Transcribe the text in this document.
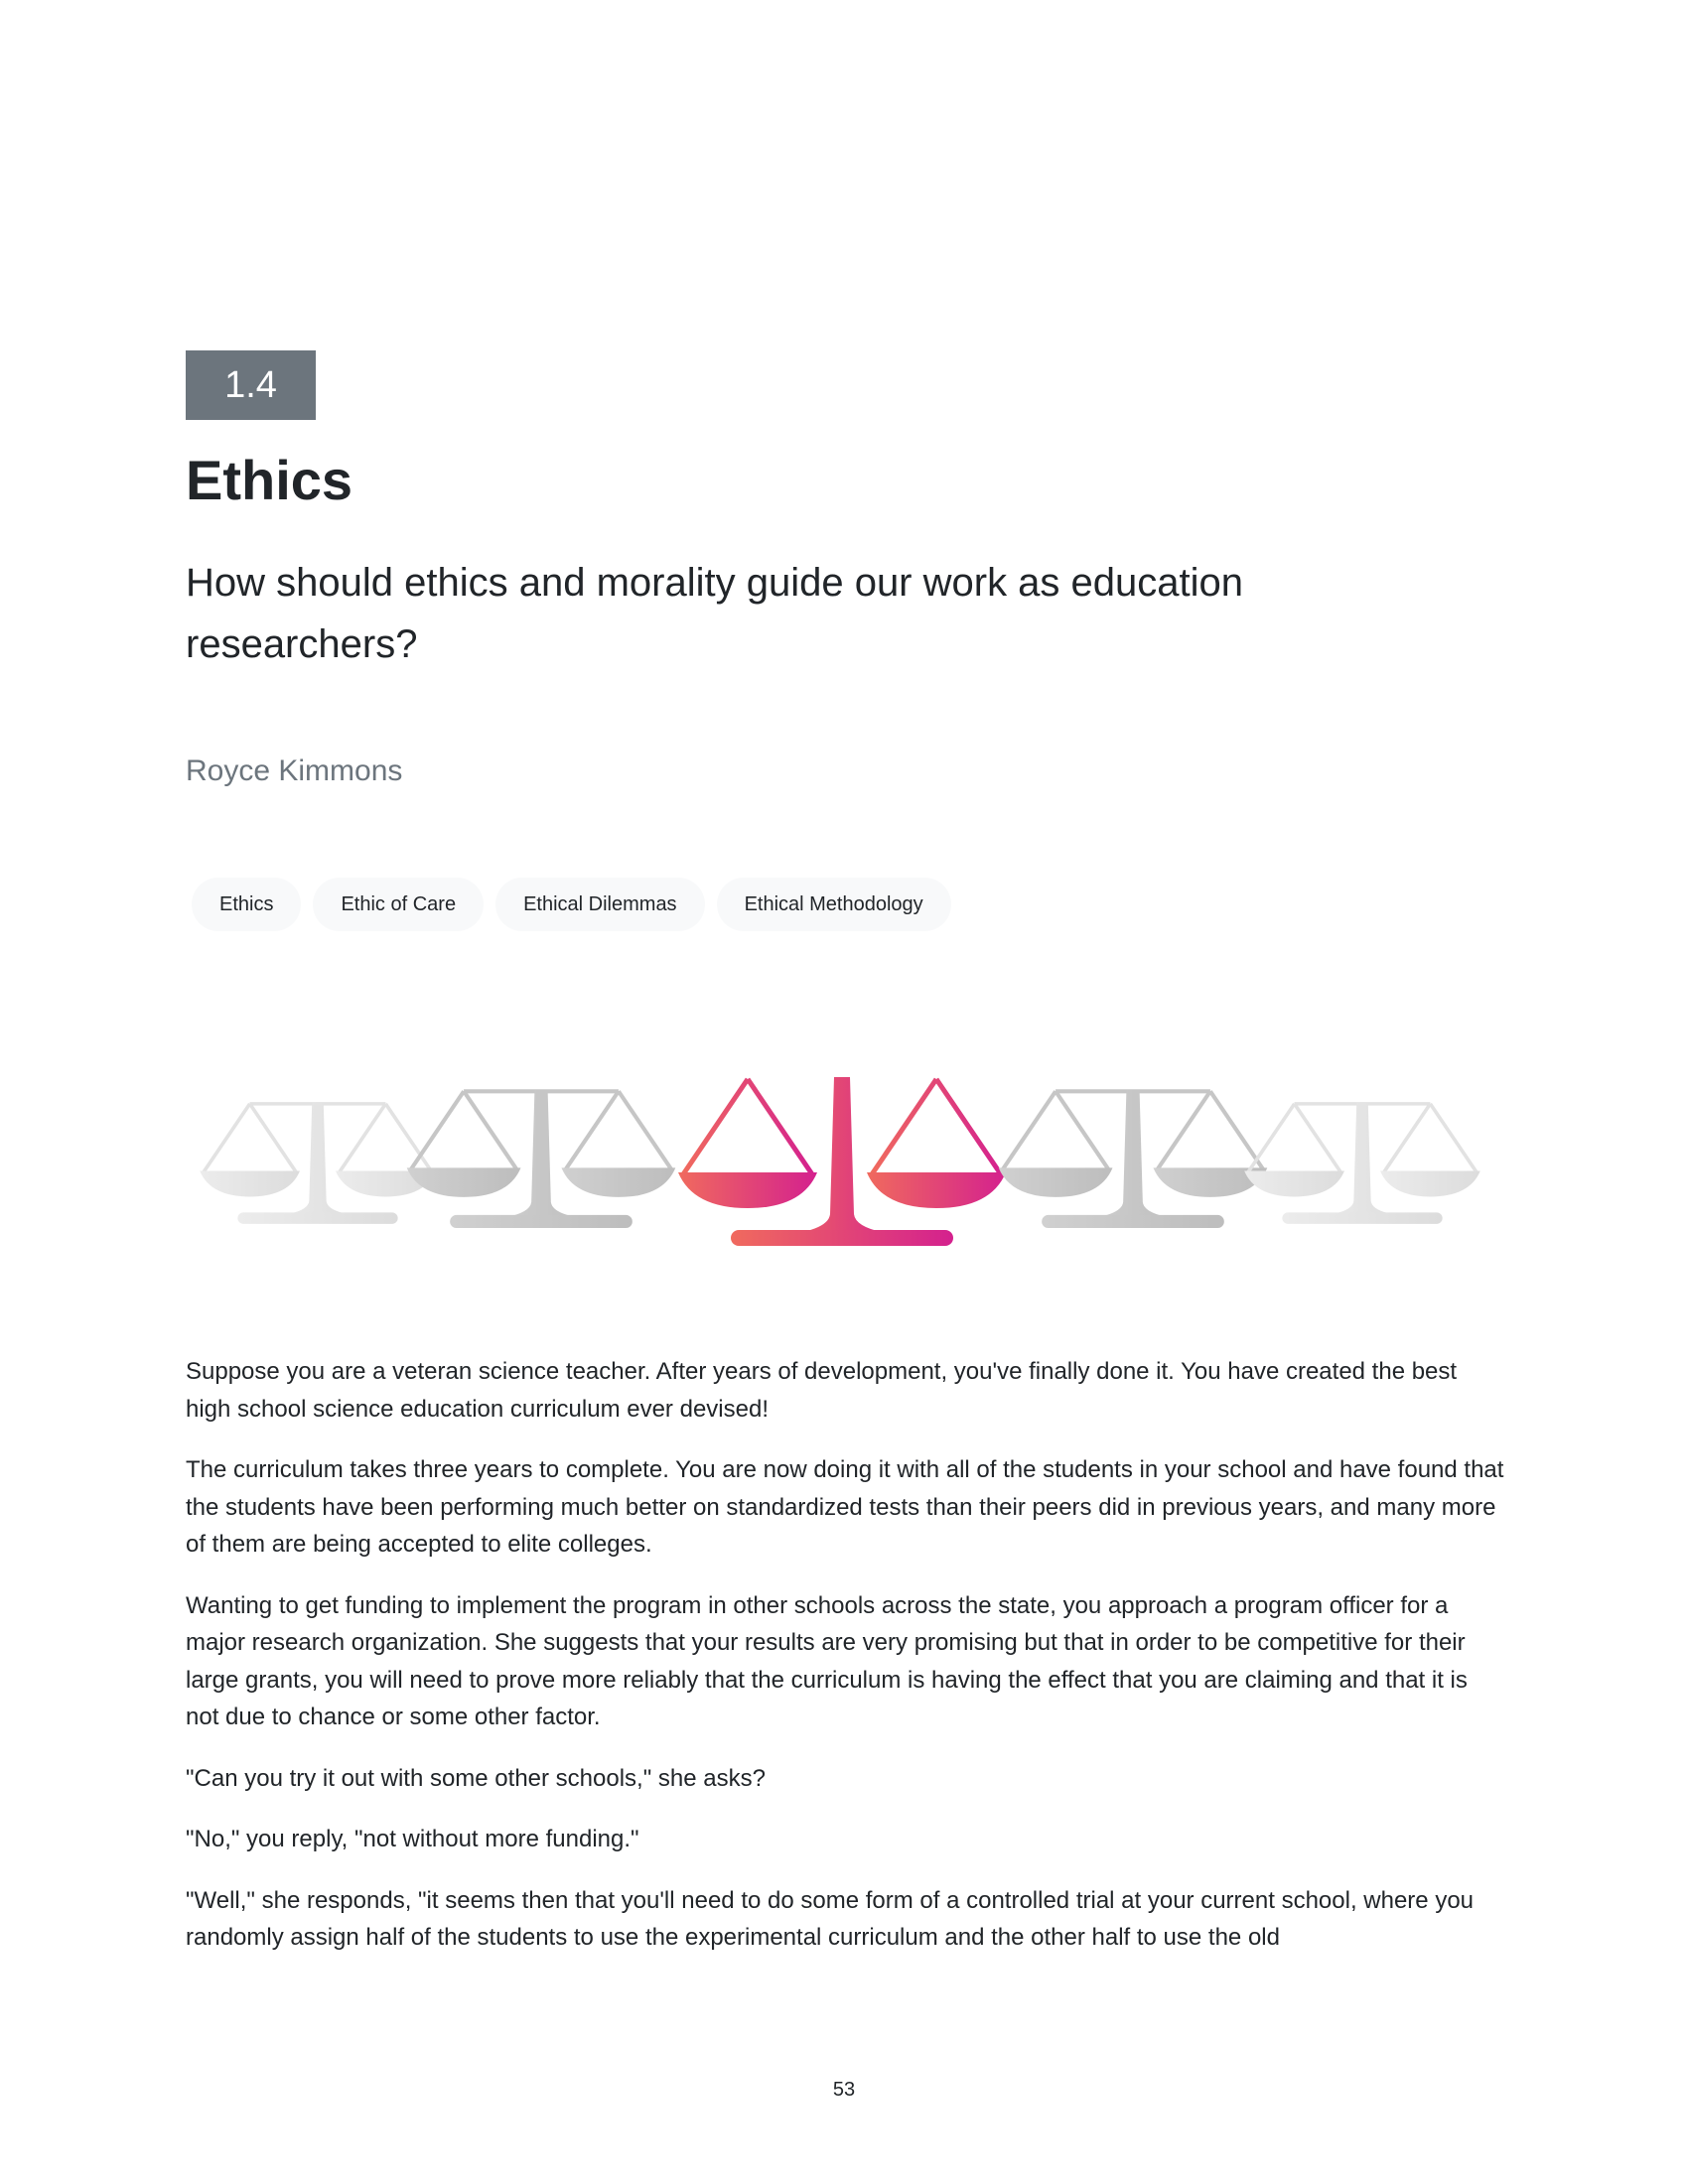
1.4
Ethics
How should ethics and morality guide our work as education researchers?
Royce Kimmons
Ethics	Ethic of Care	Ethical Dilemmas	Ethical Methodology

Suppose you are a veteran science teacher. After years of development, you've finally done it. You have created the best high school science education curriculum ever devised!

The curriculum takes three years to complete. You are now doing it with all of the students in your school and have found that the students have been performing much better on standardized tests than their peers did in previous years, and many more of them are being accepted to elite colleges.

Wanting to get funding to implement the program in other schools across the state, you approach a program officer for a major research organization. She suggests that your results are very promising but that in order to be competitive for their large grants, you will need to prove more reliably that the curriculum is having the effect that you are claiming and that it is not due to chance or some other factor.

"Can you try it out with some other schools," she asks?

"No," you reply, "not without more funding."

"Well," she responds, "it seems then that you'll need to do some form of a controlled trial at your current school, where you randomly assign half of the students to use the experimental curriculum and the other half to use the old

53
